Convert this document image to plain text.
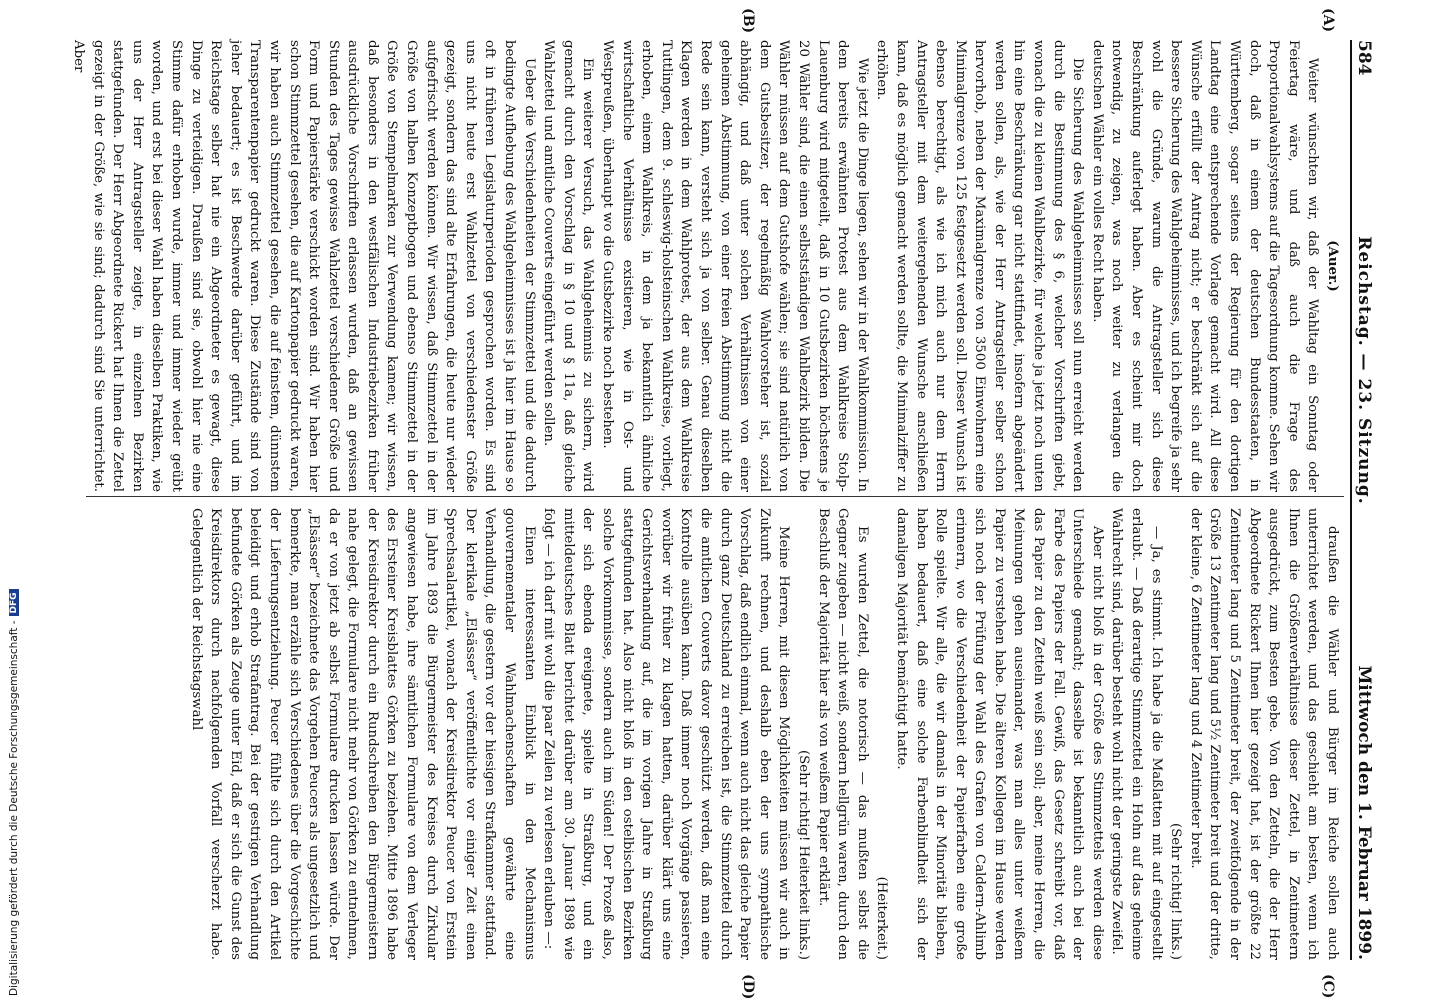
584
Reichstag. — 23. Sitzung.
Mittwoch den 1. Februar 1899.
(A)
(B)
(C)
(D)

(Auer.)

Weiter wünschten wir, daß der Wahltag ein Sonntag oder Feiertag wäre, und daß auch die Frage des Proportionalwahlsystems auf die Tagesordnung komme. Sehen wir doch, daß in einem der deutschen Bundesstaaten, in Württemberg, sogar seitens der Regierung für den dortigen Landtag eine entsprechende Vorlage gemacht wird. All diese Wünsche erfüllt der Antrag nicht; er beschränkt sich auf die bessere Sicherung des Wahlgeheimnisses, und ich begreife ja sehr wohl die Gründe, warum die Antragsteller sich diese Beschränkung auferlegt haben. Aber es scheint mir doch notwendig, zu zeigen, was noch weiter zu verlangen die deutschen Wähler ein volles Recht haben.

Die Sicherung des Wahlgeheimnisses soll nun erreicht werden durch die Bestimmung des § 6, welcher Vorschriften giebt, wonach die zu kleinen Wahlbezirke, für welche ja jetzt noch unten hin eine Beschränkung gar nicht stattfindet, insofern abgeändert werden sollen, als, wie der Herr Antragsteller selber schon hervorhob, neben der Maximalgrenze von 3500 Einwohnern eine Minimalgrenze von 125 festgesetzt werden soll. Dieser Wunsch ist ebenso berechtigt, als wie ich mich auch nur dem Herrn Antragsteller mit dem weitergehenden Wunsche anschließen kann, daß es möglich gemacht werden sollte, die Minimalziffer zu erhöhen.

Wie jetzt die Dinge liegen, sehen wir in der Wahlkommission. In dem bereits erwähnten Protest aus dem Wahlkreise Stolp-Lauenburg wird mitgeteilt, daß in 10 Gutsbezirken höchstens je 20 Wähler sind, die einen selbstständigen Wahlbezirk bilden. Die Wähler müssen auf dem Gutshofe wählen; sie sind natürlich von dem Gutsbesitzer, der regelmäßig Wahlvorsteher ist, sozial abhängig, und daß unter solchen Verhältnissen von einer geheimen Abstimmung, von einer freien Abstimmung nicht die Rede sein kann, versteht sich ja von selber. Genau dieselben Klagen werden in dem Wahlprotest, der aus dem Wahlkreise Tuttlingen, dem 9. schleswig-holsteinschen Wahlkreise, vorliegt, erhoben, einem Wahlkreis, in dem ja bekanntlich ähnliche wirtschaftliche Verhältnisse existieren, wie in Ost- und Westpreußen, überhaupt wo die Gutsbezirke noch bestehen.

Ein weiterer Versuch, das Wahlgeheimnis zu sichern, wird gemacht durch den Vorschlag in § 10 und § 11a, daß gleiche Wahlzettel und amtliche Couverts eingeführt werden sollen.

Ueber die Verschiedenheiten der Stimmzettel und die dadurch bedingte Aufhebung des Wahlgeheimnisses ist ja hier im Hause so oft in früheren Legislaturperioden gesprochen worden. Es sind uns nicht heute erst Wahlzettel von verschiedenster Größe gezeigt, sondern das sind alte Erfahrungen, die heute nur wieder aufgefrischt werden können. Wir wissen, daß Stimmzettel in der Größe von halben Konzeptbogen und ebenso Stimmzettel in der Größe von Stempelmarken zur Verwendung kamen; wir wissen, daß besonders in den westfälischen Industriebezirken früher ausdrückliche Vorschriften erlassen wurden, daß an gewissen Stunden des Tages gewisse Wahlzettel verschiedener Größe und Form und Papierstärke verschickt worden sind. Wir haben hier schon Stimmzettel gesehen, die auf Kartonpapier gedruckt waren, wir haben auch Stimmzettel gesehen, die auf feinstem, dünnstem Transparentenpapier gedruckt waren. Diese Zustände sind von jeher bedauert; es ist Beschwerde darüber geführt, und im Reichstage selber hat nie ein Abgeordneter es gewagt, diese Dinge zu verteidigen. Draußen sind sie, obwohl hier nie eine Stimme dafür erhoben wurde, immer und immer wieder geübt worden, und erst bei dieser Wahl haben dieselben Praktiken, wie uns der Herr Antragsteller zeigte, in einzelnen Bezirken stattgefunden. Der Herr Abgeordnete Rickert hat Ihnen die Zettel gezeigt in der Größe, wie sie sind; dadurch sind Sie unterrichtet. Aber

draußen die Wähler und Bürger im Reiche sollen auch unterrichtet werden, und das geschieht am besten, wenn ich Ihnen die Größenverhältnisse dieser Zettel, in Zentimetern ausgedrückt, zum Besten gebe. Von den Zetteln, die der Herr Abgeordnete Rickert Ihnen hier gezeigt hat, ist der größte 22 Zentimeter lang und 5 Zentimeter breit, der zweitfolgende in der Größe 13 Zentimeter lang und 5½ Zentimeter breit und der dritte, der kleine, 6 Zentimeter lang und 4 Zentimeter breit.

(Sehr richtig! links.)

— Ja, es stimmt. Ich habe ja die Maßlatten mit auf eingestellt erlaubt. — Daß derartige Stimmzettel ein Hohn auf das geheime Wahlrecht sind, darüber besteht wohl nicht der geringste Zweifel.

Aber nicht bloß in der Größe des Stimmzettels werden diese Unterschiede gemacht; dasselbe ist bekanntlich auch bei der Farbe des Papiers der Fall. Gewiß, das Gesetz schreibt vor, daß das Papier zu den Zetteln weiß sein soll; aber, meine Herren, die Meinungen gehen auseinander, was man alles unter weißem Papier zu verstehen habe. Die älteren Kollegen im Hause werden sich noch der Prüfung der Wahl des Grafen von Caldern-Ahlimb erinnern, wo die Verschiedenheit der Papierfarben eine große Rolle spielte. Wir alle, die wir damals in der Minorität blieben, haben bedauert, daß eine solche Farbenblindheit sich der damaligen Majorität bemächtigt hatte.

(Heiterkeit.)

Es wurden Zettel, die notorisch — das mußten selbst die Gegner zugeben — nicht weiß, sondern hellgrün waren, durch den Beschluß der Majorität hier als von weißem Papier erklärt.

(Sehr richtig! Heiterkeit links.)

Meine Herren, mit diesen Möglichkeiten müssen wir auch in Zukunft rechnen, und deshalb eben der uns sympathische Vorschlag, daß endlich einmal, wenn auch nicht das gleiche Papier durch ganz Deutschland zu erreichen ist, die Stimmzettel durch die amtlichen Couverts davor geschützt werden, daß man eine Kontrolle ausüben kann. Daß immer noch Vorgänge passieren, worüber wir früher zu klagen hatten, darüber klärt uns eine Gerichtsverhandlung auf, die im vorigen Jahre in Straßburg stattgefunden hat. Also nicht bloß in den ostelbischen Bezirken solche Vorkommnisse, sondern auch im Süden! Der Prozeß also, der sich ebenda ereignete, spielte in Straßburg, und ein mitteldeutsches Blatt berichtet darüber am 30. Januar 1898 wie folgt — ich darf mit wohl die paar Zeilen zu verlesen erlauben —:

Einen interessanten Einblick in den Mechanismus gouvernementaler Wahlmachenschaften gewährte eine Verhandlung, die gestern vor der hiesigen Strafkammer stattfand. Der klerikale „Elsässer“ veröffentlichte vor einiger Zeit einen Sprechsaalartikel, wonach der Kreisdirektor Peucer von Erstein im Jahre 1893 die Bürgermeister des Kreises durch Zirkular angewiesen habe, ihre sämtlichen Formulare von dem Verleger des Ersteiner Kreisblattes Görken zu beziehen. Mitte 1896 habe der Kreisdirektor durch ein Rundschreiben den Bürgermeistern nahe gelegt, die Formulare nicht mehr von Görken zu entnehmen, da er von jetzt ab selbst Formulare drucken lassen würde. Der „Elsässer“ bezeichnete das Vorgehen Peucers als ungesetzlich und bemerkte, man erzähle sich Verschiedenes über die Vorgeschichte der Lieferungsentziehung. Peucer fühlte sich durch den Artikel beleidigt und erhob Strafantrag. Bei der gestrigen Verhandlung befundete Görken als Zeuge unter Eid, daß er sich die Gunst des Kreisdirektors durch nachfolgenden Vorfall verscherzt habe. Gelegentlich der Reichstagswahl

Digitalisierung gefördert durch die Deutsche Forschungsgemeinschaft -
DFG
